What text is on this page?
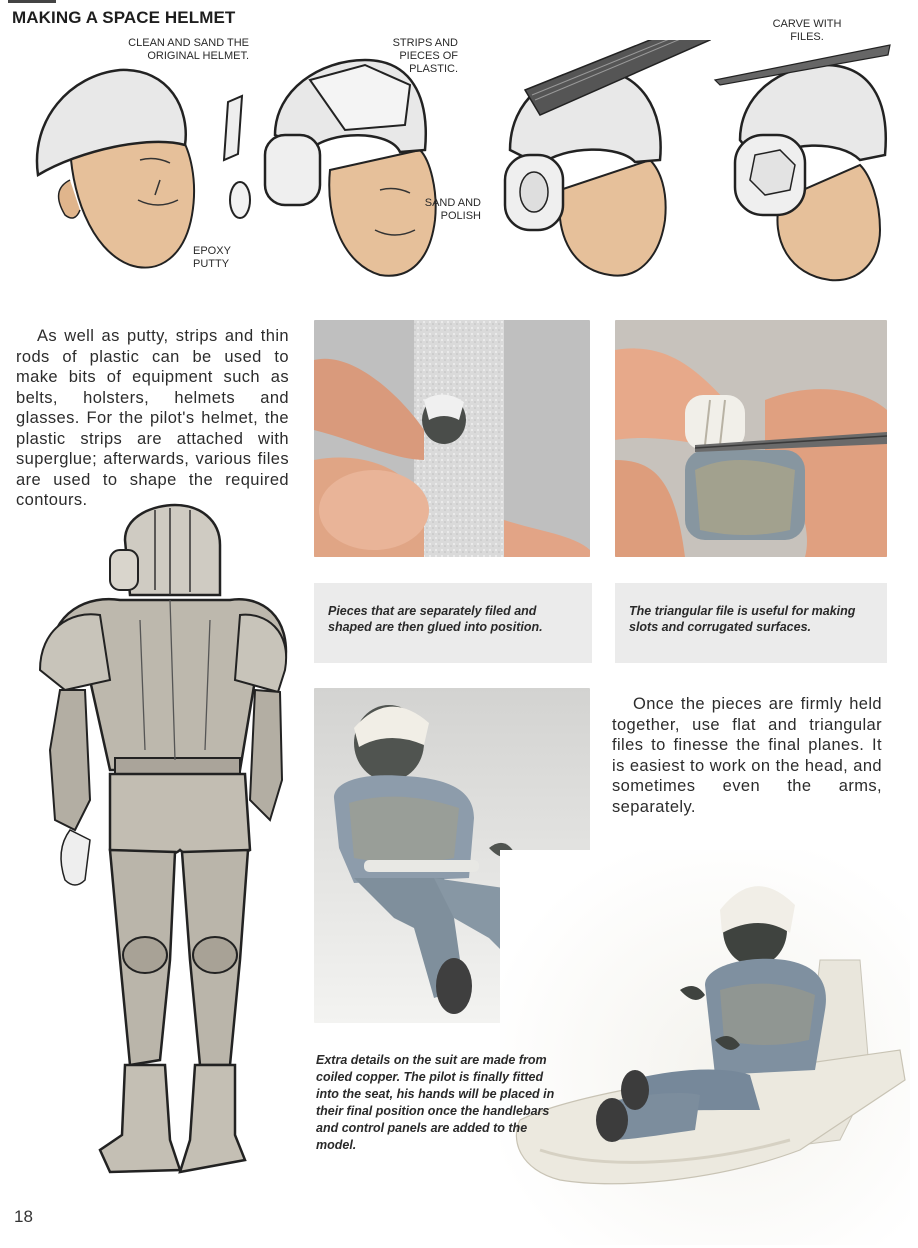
MAKING A SPACE HELMET
CLEAN AND SAND THE ORIGINAL HELMET.
EPOXY PUTTY
STRIPS AND PIECES OF PLASTIC.
SAND AND POLISH
CARVE WITH FILES.
As well as putty, strips and thin rods of plastic can be used to make bits of equipment such as belts, holsters, helmets and glasses. For the pilot's helmet, the plastic strips are attached with superglue; afterwards, various files are used to shape the required contours.
Pieces that are separately filed and shaped are then glued into position.
The triangular file is useful for making slots and corrugated surfaces.
Once the pieces are firmly held together, use flat and triangular files to finesse the final planes. It is easiest to work on the head, and sometimes even the arms, separately.
Extra details on the suit are made from coiled copper. The pilot is finally fitted into the seat, his hands will be placed in their final position once the handlebars and control panels are added to the model.
18
